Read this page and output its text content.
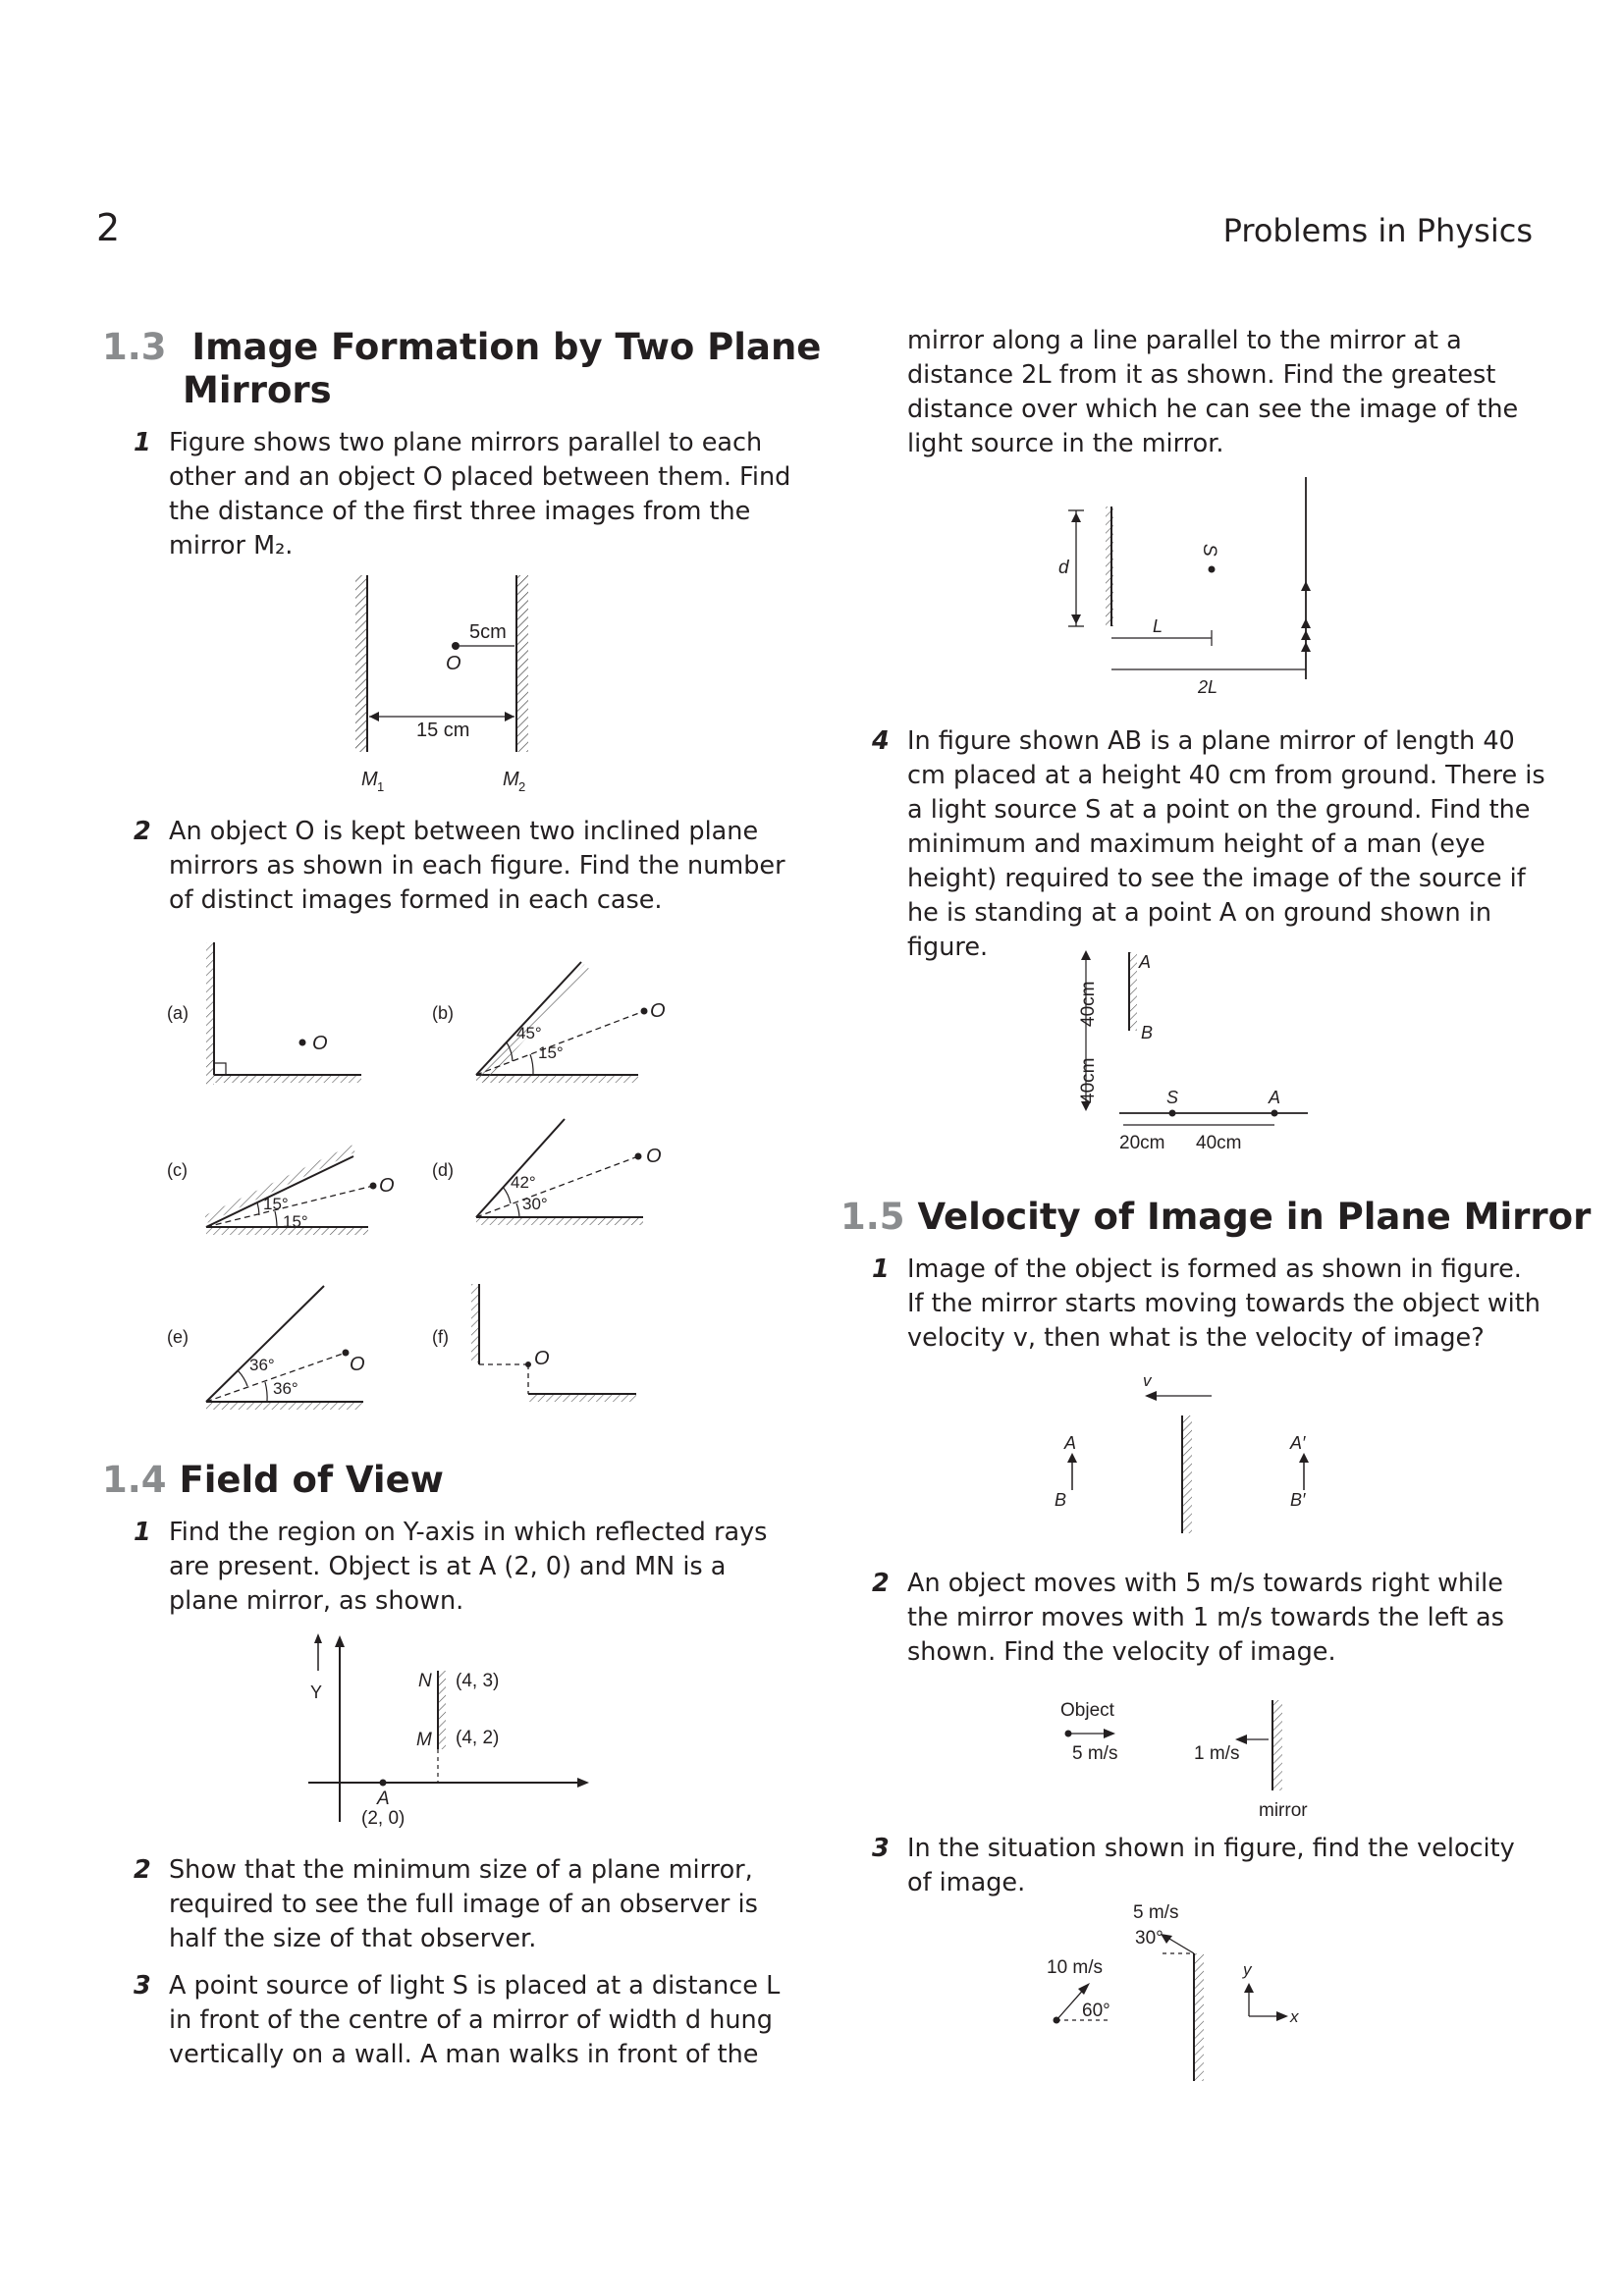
2	Problems in Physics
1.3 Image Formation by Two Plane
Mirrors
1 Figure shows two plane mirrors parallel to each other and an object O placed between them. Find the distance of the first three images from the mirror M₂.
5cm
O
15 cm
M 1	M 2
2 An object O is kept between two inclined plane mirrors as shown in each figure. Find the number of distinct images formed in each case.
(a)
O
(b)	O
45°
15°
(c)
O
15°
15°
(d)
O
42°
30°
(e)
O
36°
36°
(f)
O
1.4 Field of View
1 Find the region on Y-axis in which reflected rays are present. Object is at A (2, 0) and MN is a plane mirror, as shown.
Y
N (4, 3)
M (4, 2)
A
(2, 0)
2 Show that the minimum size of a plane mirror, required to see the full image of an observer is half the size of that observer.
3 A point source of light S is placed at a distance L in front of the centre of a mirror of width d hung vertically on a wall. A man walks in front of the
mirror along a line parallel to the mirror at a distance 2L from it as shown. Find the greatest distance over which he can see the image of the light source in the mirror.
d
S
L
2L
4 In figure shown AB is a plane mirror of length 40 cm placed at a height 40 cm from ground. There is a light source S at a point on the ground. Find the minimum and maximum height of a man (eye height) required to see the image of the source if he is standing at a point A on ground shown in figure.	A
B
40cm
40cm	S	A
20cm 40cm
1.5 Velocity of Image in Plane Mirror
1 Image of the object is formed as shown in figure. If the mirror starts moving towards the object with velocity v, then what is the velocity of image?
v
A
B
A′
B′
2 An object moves with 5 m/s towards right while the mirror moves with 1 m/s towards the left as shown. Find the velocity of image.
Object
5 m/s	1 m/s
mirror
3 In the situation shown in figure, find the velocity of image.
5 m/s
30°
10 m/s
60°
y
x
